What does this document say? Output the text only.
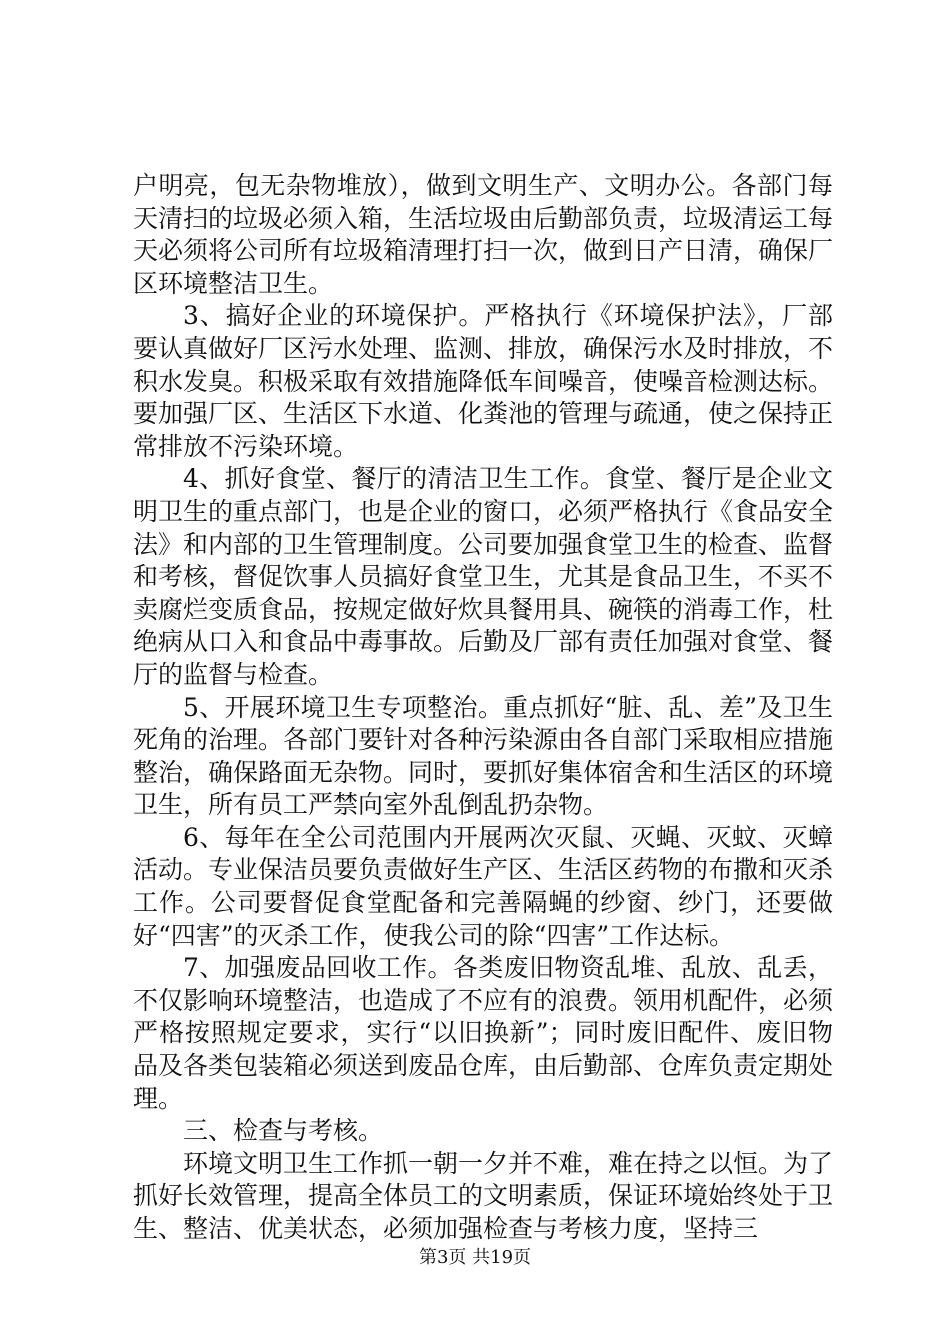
户明亮，包无杂物堆放），做到文明生产、文明办公。各部门每天清扫的垃圾必须入箱，生活垃圾由后勤部负责，垃圾清运工每天必须将公司所有垃圾箱清理打扫一次，做到日产日清，确保厂区环境整洁卫生。

3、搞好企业的环境保护。严格执行《环境保护法》，厂部要认真做好厂区污水处理、监测、排放，确保污水及时排放，不积水发臭。积极采取有效措施降低车间噪音，使噪音检测达标。要加强厂区、生活区下水道、化粪池的管理与疏通，使之保持正常排放不污染环境。

4、抓好食堂、餐厅的清洁卫生工作。食堂、餐厅是企业文明卫生的重点部门，也是企业的窗口，必须严格执行《食品安全法》和内部的卫生管理制度。公司要加强食堂卫生的检查、监督和考核，督促饮事人员搞好食堂卫生，尤其是食品卫生，不买不卖腐烂变质食品，按规定做好炊具餐用具、碗筷的消毒工作，杜绝病从口入和食品中毒事故。后勤及厂部有责任加强对食堂、餐厅的监督与检查。

5、开展环境卫生专项整治。重点抓好“脏、乱、差”及卫生死角的治理。各部门要针对各种污染源由各自部门采取相应措施整治，确保路面无杂物。同时，要抓好集体宿舍和生活区的环境卫生，所有员工严禁向室外乱倒乱扔杂物。

6、每年在全公司范围内开展两次灭鼠、灭蝇、灭蚊、灭蟑活动。专业保洁员要负责做好生产区、生活区药物的布撒和灭杀工作。公司要督促食堂配备和完善隔蝇的纱窗、纱门，还要做好“四害”的灭杀工作，使我公司的除“四害”工作达标。

7、加强废品回收工作。各类废旧物资乱堆、乱放、乱丢，不仅影响环境整洁，也造成了不应有的浪费。领用机配件，必须严格按照规定要求，实行“以旧换新”；同时废旧配件、废旧物品及各类包装箱必须送到废品仓库，由后勤部、仓库负责定期处理。

三、检查与考核。

环境文明卫生工作抓一朝一夕并不难，难在持之以恒。为了抓好长效管理，提高全体员工的文明素质，保证环境始终处于卫生、整洁、优美状态，必须加强检查与考核力度，坚持三

第3页 共19页
